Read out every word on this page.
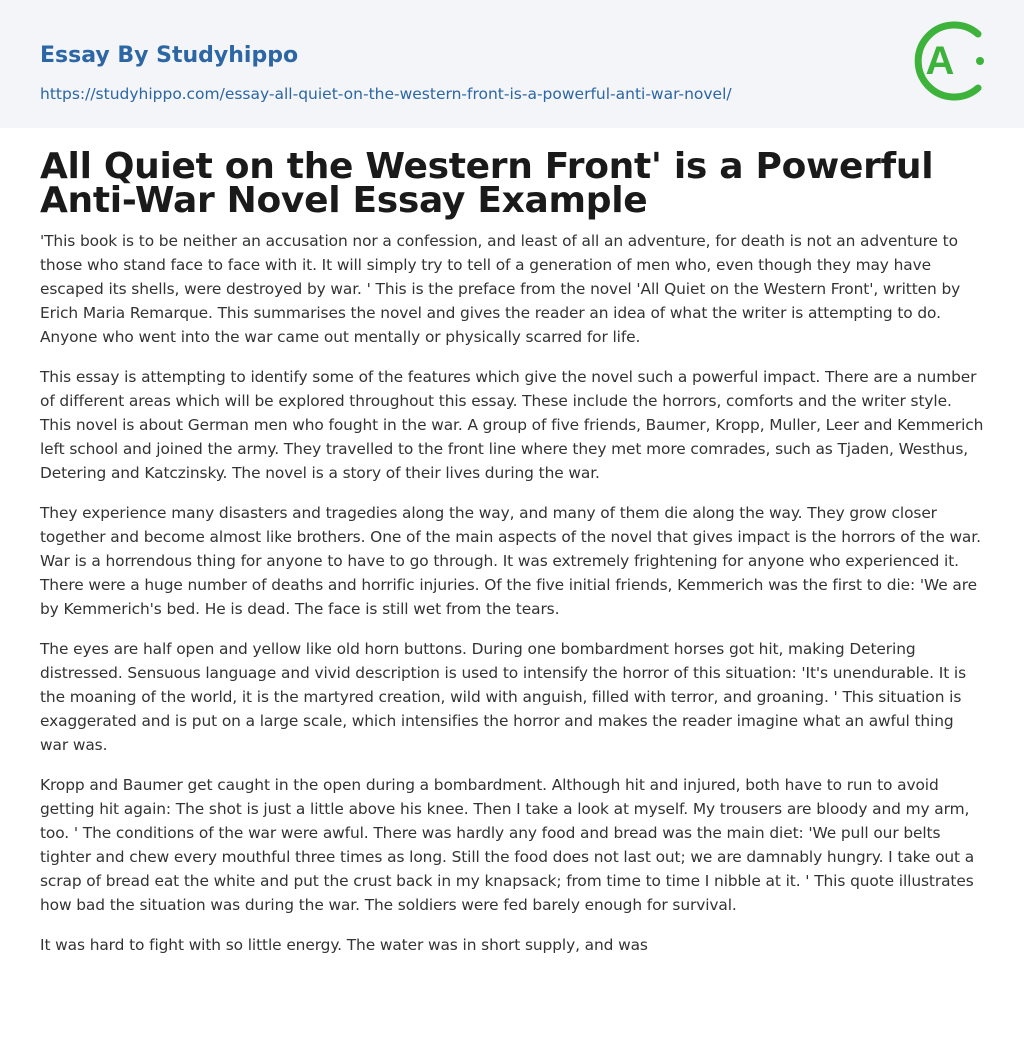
Essay By Studyhippo
https://studyhippo.com/essay-all-quiet-on-the-western-front-is-a-powerful-anti-war-novel/
A
All Quiet on the Western Front' is a Powerful Anti-War Novel Essay Example

'This book is to be neither an accusation nor a confession, and least of all an adventure, for death is not an adventure to those who stand face to face with it. It will simply try to tell of a generation of men who, even though they may have escaped its shells, were destroyed by war. ' This is the preface from the novel 'All Quiet on the Western Front', written by Erich Maria Remarque. This summarises the novel and gives the reader an idea of what the writer is attempting to do. Anyone who went into the war came out mentally or physically scarred for life.

This essay is attempting to identify some of the features which give the novel such a powerful impact. There are a number of different areas which will be explored throughout this essay. These include the horrors, comforts and the writer style. This novel is about German men who fought in the war. A group of five friends, Baumer, Kropp, Muller, Leer and Kemmerich left school and joined the army. They travelled to the front line where they met more comrades, such as Tjaden, Westhus, Detering and Katczinsky. The novel is a story of their lives during the war.

They experience many disasters and tragedies along the way, and many of them die along the way. They grow closer together and become almost like brothers. One of the main aspects of the novel that gives impact is the horrors of the war. War is a horrendous thing for anyone to have to go through. It was extremely frightening for anyone who experienced it. There were a huge number of deaths and horrific injuries. Of the five initial friends, Kemmerich was the first to die: 'We are by Kemmerich's bed. He is dead. The face is still wet from the tears.

The eyes are half open and yellow like old horn buttons. During one bombardment horses got hit, making Detering distressed. Sensuous language and vivid description is used to intensify the horror of this situation: 'It's unendurable. It is the moaning of the world, it is the martyred creation, wild with anguish, filled with terror, and groaning. ' This situation is exaggerated and is put on a large scale, which intensifies the horror and makes the reader imagine what an awful thing war was.

Kropp and Baumer get caught in the open during a bombardment. Although hit and injured, both have to run to avoid getting hit again: The shot is just a little above his knee. Then I take a look at myself. My trousers are bloody and my arm, too. ' The conditions of the war were awful. There was hardly any food and bread was the main diet: 'We pull our belts tighter and chew every mouthful three times as long. Still the food does not last out; we are damnably hungry. I take out a scrap of bread eat the white and put the crust back in my knapsack; from time to time I nibble at it. ' This quote illustrates how bad the situation was during the war. The soldiers were fed barely enough for survival.

It was hard to fight with so little energy. The water was in short supply, and was
